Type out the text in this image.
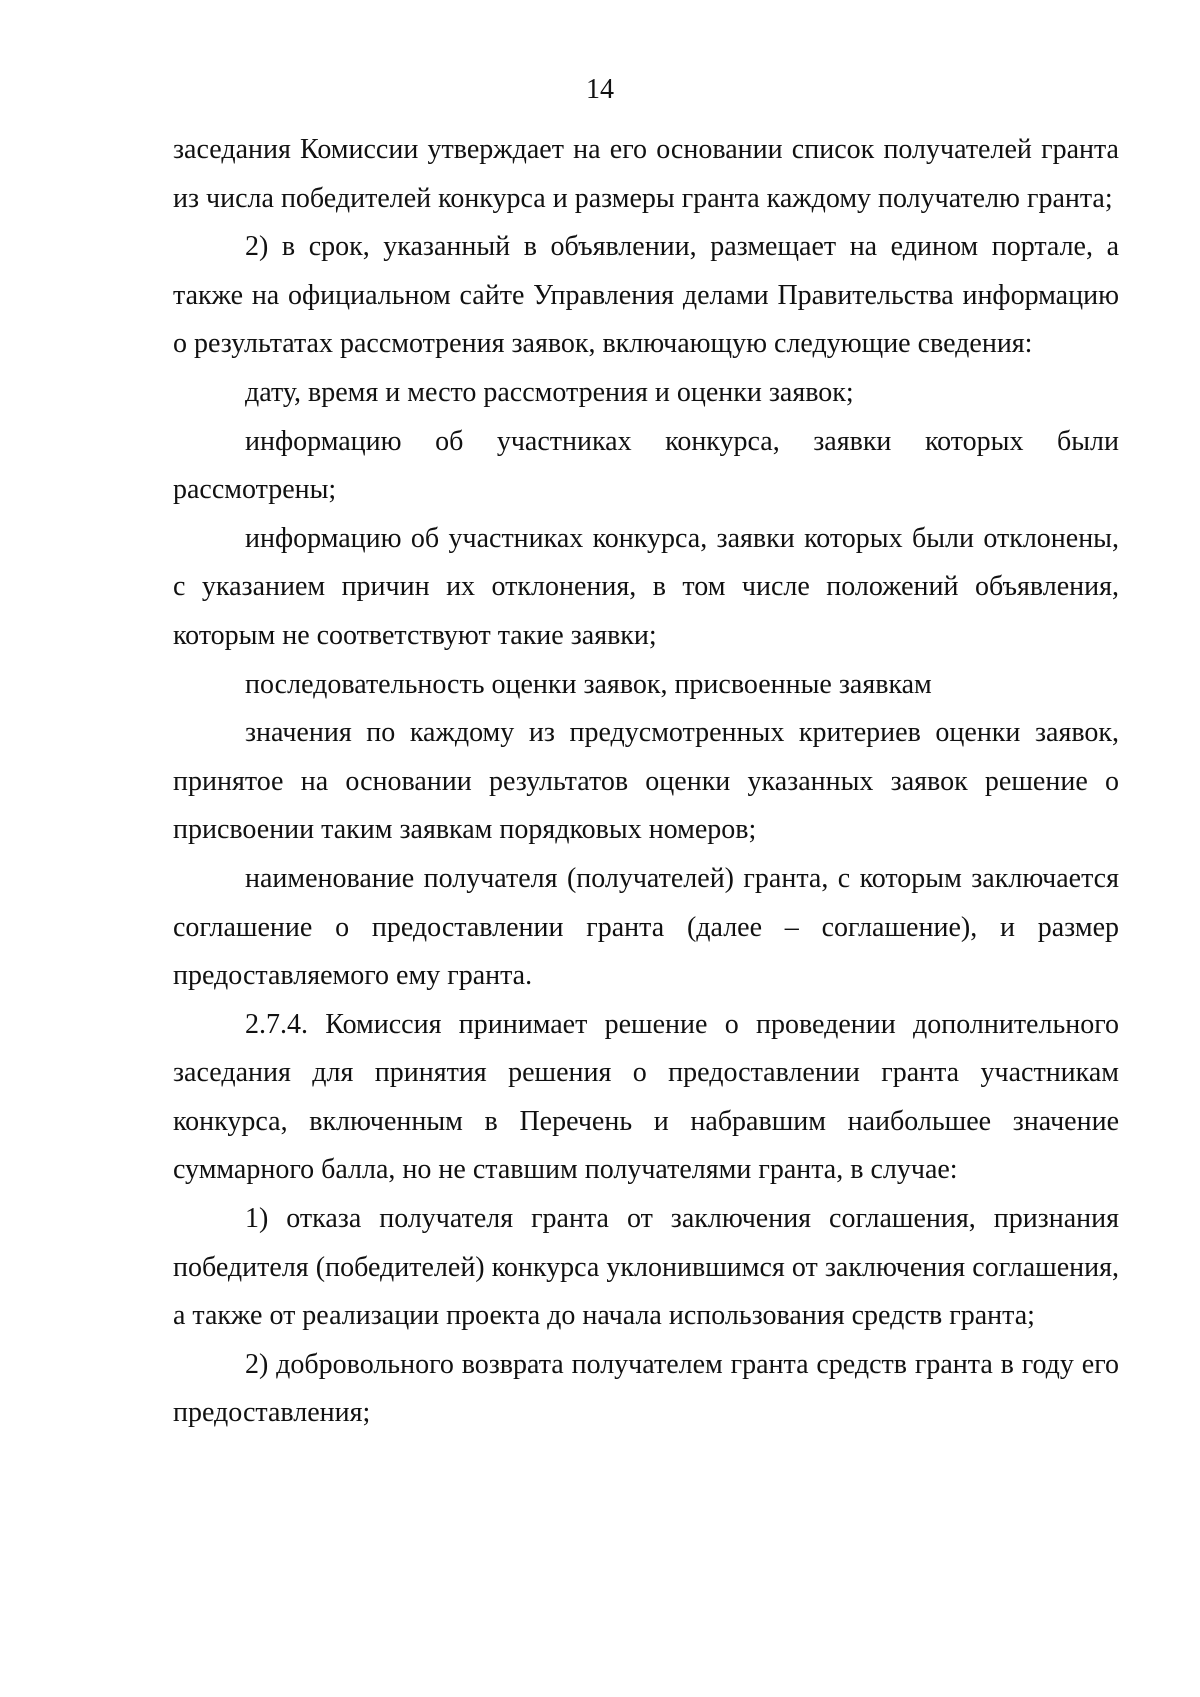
14

заседания Комиссии утверждает на его основании список получателей гранта из числа победителей конкурса и размеры гранта каждому получателю гранта;

2) в срок, указанный в объявлении, размещает на едином портале, а также на официальном сайте Управления делами Правительства информацию о результатах рассмотрения заявок, включающую следующие сведения:

дату, время и место рассмотрения и оценки заявок;

информацию об участниках конкурса, заявки которых были рассмотрены;

информацию об участниках конкурса, заявки которых были отклонены, с указанием причин их отклонения, в том числе положений объявления, которым не соответствуют такие заявки;

последовательность оценки заявок, присвоенные заявкам

значения по каждому из предусмотренных критериев оценки заявок, принятое на основании результатов оценки указанных заявок решение о присвоении таким заявкам порядковых номеров;

наименование получателя (получателей) гранта, с которым заключается соглашение о предоставлении гранта (далее – соглашение), и размер предоставляемого ему гранта.

2.7.4. Комиссия принимает решение о проведении дополнительного заседания для принятия решения о предоставлении гранта участникам конкурса, включенным в Перечень и набравшим наибольшее значение суммарного балла, но не ставшим получателями гранта, в случае:

1) отказа получателя гранта от заключения соглашения, признания победителя (победителей) конкурса уклонившимся от заключения соглашения, а также от реализации проекта до начала использования средств гранта;

2) добровольного возврата получателем гранта средств гранта в году его предоставления;
